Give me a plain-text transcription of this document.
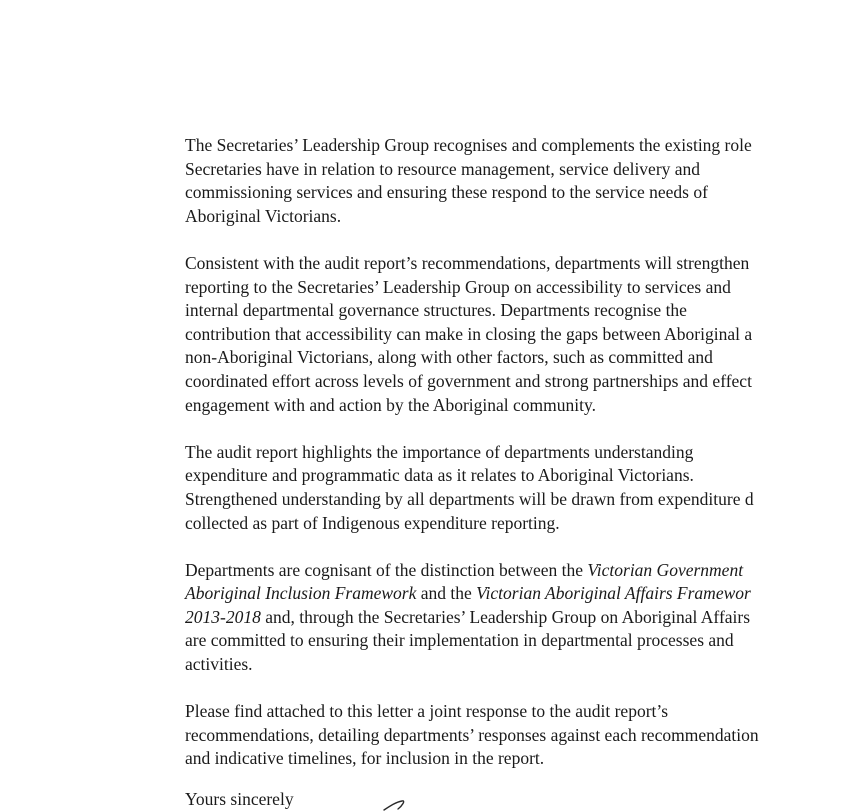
The Secretaries’ Leadership Group recognises and complements the existing role
Secretaries have in relation to resource management, service delivery and
commissioning services and ensuring these respond to the service needs of
Aboriginal Victorians.

Consistent with the audit report’s recommendations, departments will strengthen
reporting to the Secretaries’ Leadership Group on accessibility to services and
internal departmental governance structures. Departments recognise the
contribution that accessibility can make in closing the gaps between Aboriginal a
non-Aboriginal Victorians, along with other factors, such as committed and
coordinated effort across levels of government and strong partnerships and effect
engagement with and action by the Aboriginal community.

The audit report highlights the importance of departments understanding
expenditure and programmatic data as it relates to Aboriginal Victorians.
Strengthened understanding by all departments will be drawn from expenditure d
collected as part of Indigenous expenditure reporting.

Departments are cognisant of the distinction between the Victorian Government
Aboriginal Inclusion Framework and the Victorian Aboriginal Affairs Framewor
2013-2018 and, through the Secretaries’ Leadership Group on Aboriginal Affairs
are committed to ensuring their implementation in departmental processes and
activities.

Please find attached to this letter a joint response to the audit report’s
recommendations, detailing departments’ responses against each recommendation
and indicative timelines, for inclusion in the report.

Yours sincerely
